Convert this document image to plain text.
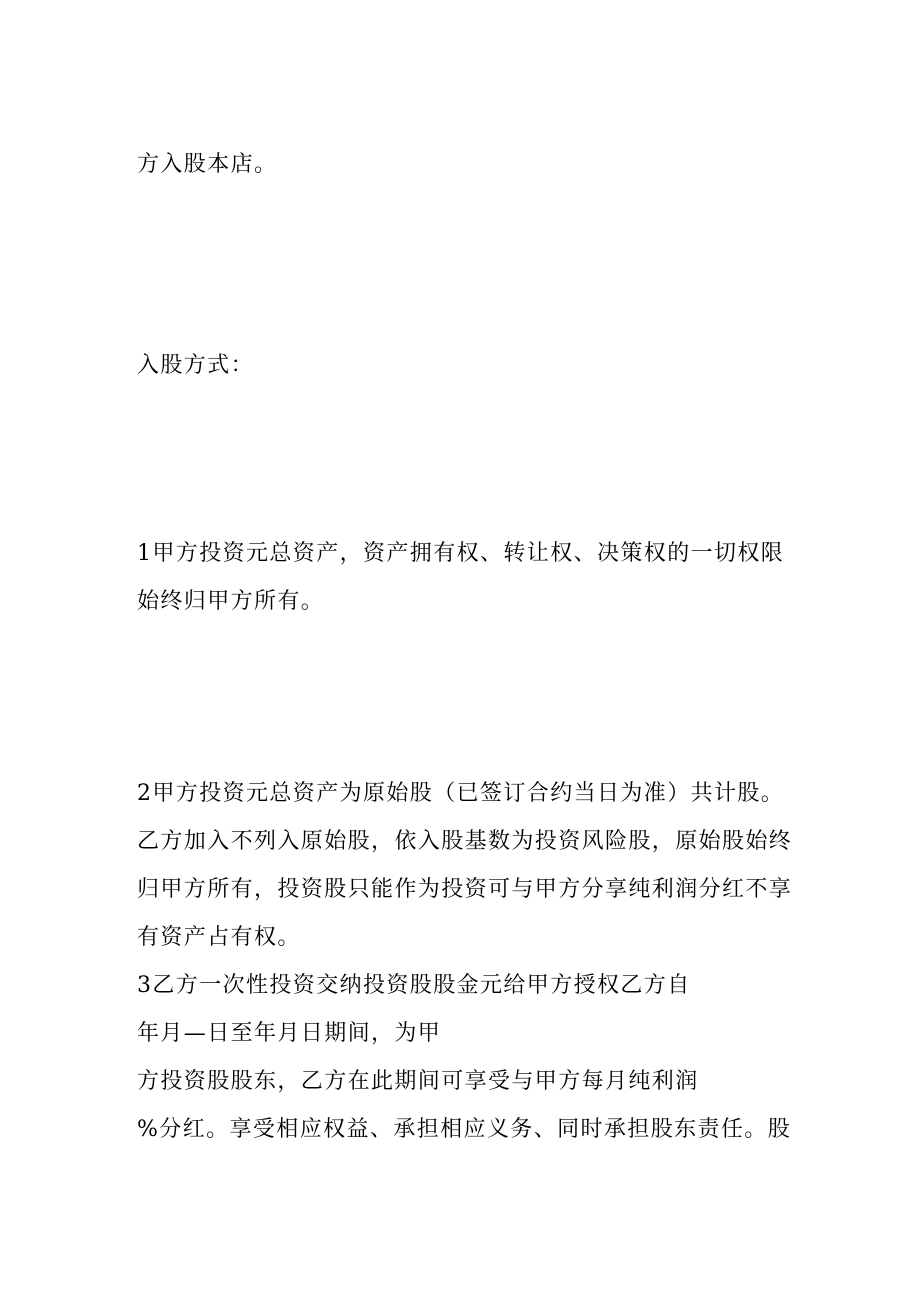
方入股本店。
入股方式：
1甲方投资元总资产，资产拥有权、转让权、决策权的一切权限
始终归甲方所有。
2甲方投资元总资产为原始股（已签订合约当日为准）共计股。
乙方加入不列入原始股，依入股基数为投资风险股，原始股始终
归甲方所有，投资股只能作为投资可与甲方分享纯利润分红不享
有资产占有权。
3乙方一次性投资交纳投资股股金元给甲方授权乙方自
年月—日至年月日期间，为甲
方投资股股东，乙方在此期间可享受与甲方每月纯利润
%分红。享受相应权益、承担相应义务、同时承担股东责任。股
